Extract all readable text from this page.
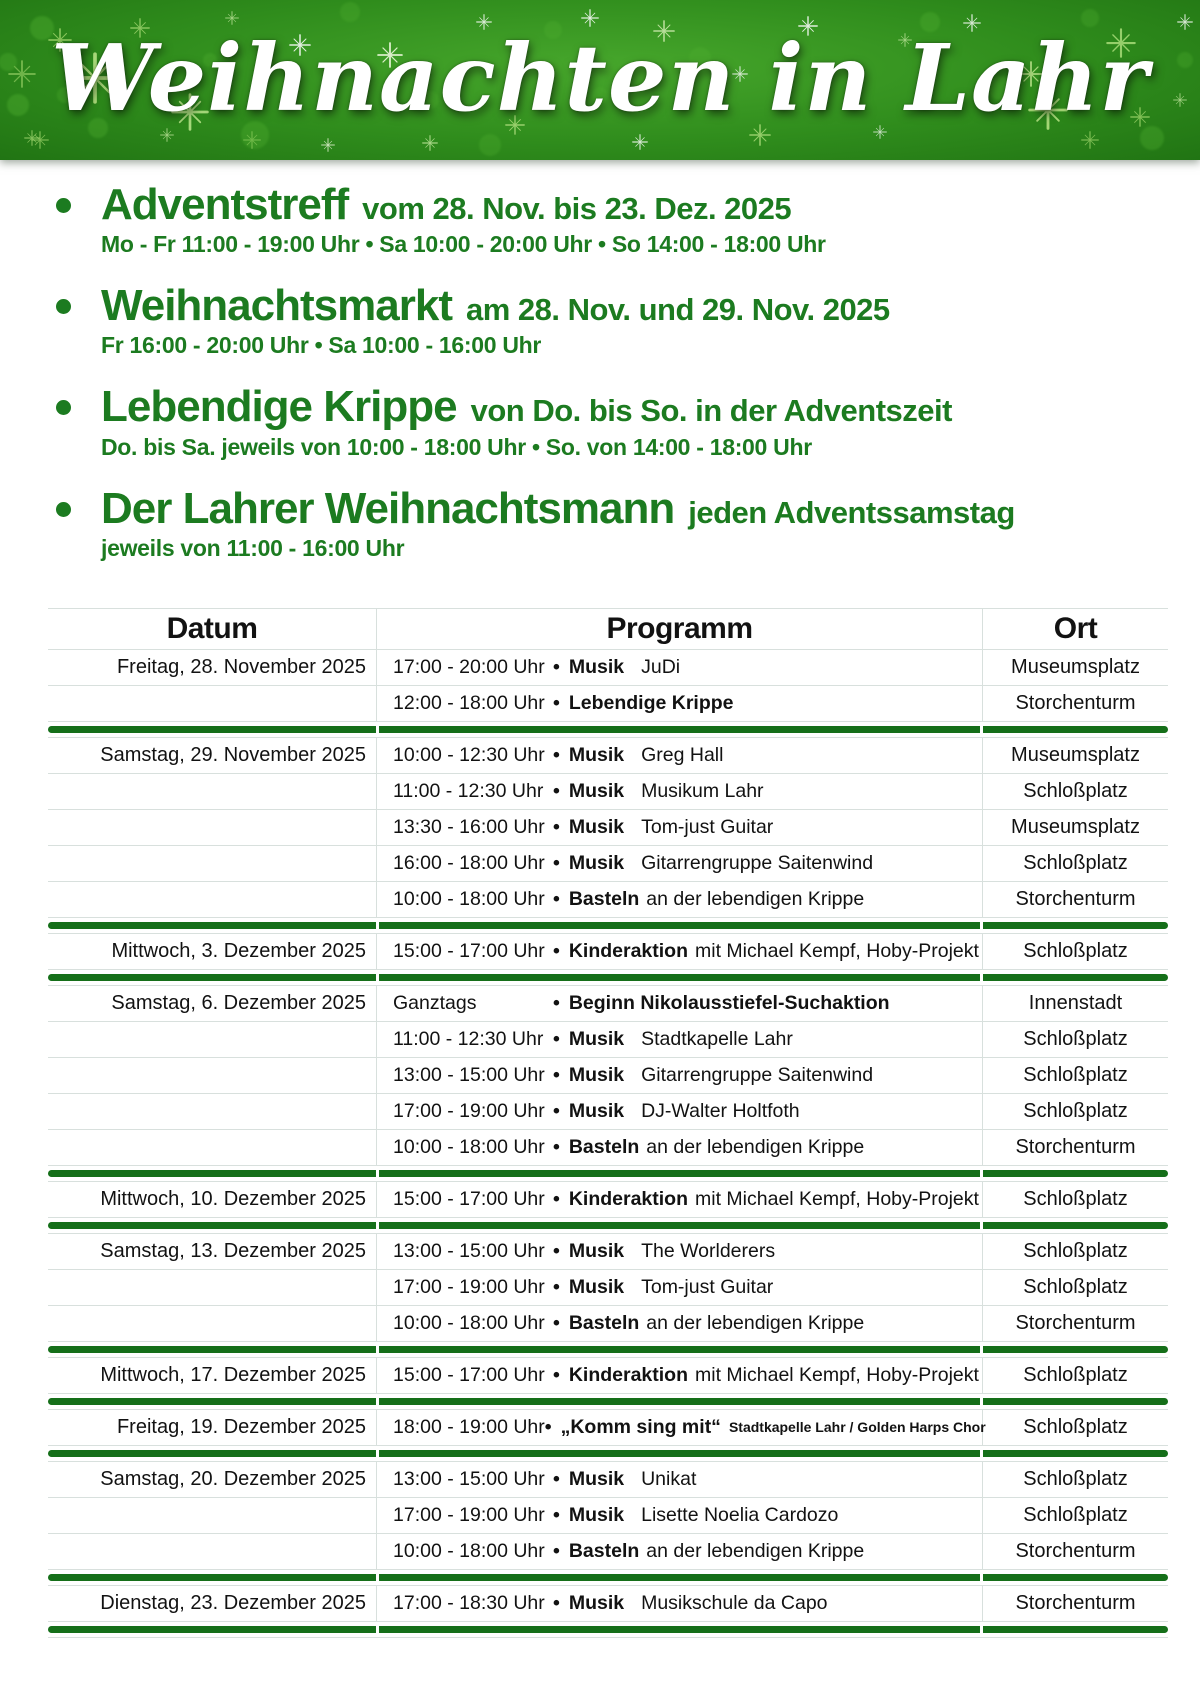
Weihnachten in Lahr
Adventstreff vom 28. Nov. bis 23. Dez. 2025
Mo - Fr 11:00 - 19:00 Uhr • Sa 10:00 - 20:00 Uhr • So 14:00 - 18:00 Uhr
Weihnachtsmarkt am 28. Nov. und 29. Nov. 2025
Fr 16:00 - 20:00 Uhr • Sa 10:00 - 16:00 Uhr
Lebendige Krippe von Do. bis So. in der Adventszeit
Do. bis Sa. jeweils von 10:00 - 18:00 Uhr • So. von 14:00 - 18:00 Uhr
Der Lahrer Weihnachtsmann jeden Adventssamstag
jeweils von 11:00 - 16:00 Uhr
Datum	Programm	Ort
Freitag, 28. November 2025	17:00 - 20:00 Uhr • Musik JuDi	Museumsplatz
12:00 - 18:00 Uhr • Lebendige Krippe	Storchenturm
Samstag, 29. November 2025	10:00 - 12:30 Uhr • Musik Greg Hall	Museumsplatz
11:00 - 12:30 Uhr • Musik Musikum Lahr	Schloßplatz
13:30 - 16:00 Uhr • Musik Tom-just Guitar	Museumsplatz
16:00 - 18:00 Uhr • Musik Gitarrengruppe Saitenwind	Schloßplatz
10:00 - 18:00 Uhr • Basteln an der lebendigen Krippe	Storchenturm
Mittwoch, 3. Dezember 2025	15:00 - 17:00 Uhr • Kinderaktion mit Michael Kempf, Hoby-Projekt	Schloßplatz
Samstag, 6. Dezember 2025	Ganztags	• Beginn Nikolausstiefel-Suchaktion	Innenstadt
11:00 - 12:30 Uhr • Musik Stadtkapelle Lahr	Schloßplatz
13:00 - 15:00 Uhr • Musik Gitarrengruppe Saitenwind	Schloßplatz
17:00 - 19:00 Uhr • Musik DJ-Walter Holtfoth	Schloßplatz
10:00 - 18:00 Uhr • Basteln an der lebendigen Krippe	Storchenturm
Mittwoch, 10. Dezember 2025	15:00 - 17:00 Uhr • Kinderaktion mit Michael Kempf, Hoby-Projekt	Schloßplatz
Samstag, 13. Dezember 2025	13:00 - 15:00 Uhr • Musik The Worlderers	Schloßplatz
17:00 - 19:00 Uhr • Musik Tom-just Guitar	Schloßplatz
10:00 - 18:00 Uhr • Basteln an der lebendigen Krippe	Storchenturm
Mittwoch, 17. Dezember 2025	15:00 - 17:00 Uhr • Kinderaktion mit Michael Kempf, Hoby-Projekt	Schloßplatz
Freitag, 19. Dezember 2025	18:00 - 19:00 Uhr • „Komm sing mit“ Stadtkapelle Lahr / Golden Harps Chor	Schloßplatz
Samstag, 20. Dezember 2025	13:00 - 15:00 Uhr • Musik Unikat	Schloßplatz
17:00 - 19:00 Uhr • Musik Lisette Noelia Cardozo	Schloßplatz
10:00 - 18:00 Uhr • Basteln an der lebendigen Krippe	Storchenturm
Dienstag, 23. Dezember 2025	17:00 - 18:30 Uhr • Musik Musikschule da Capo	Storchenturm
